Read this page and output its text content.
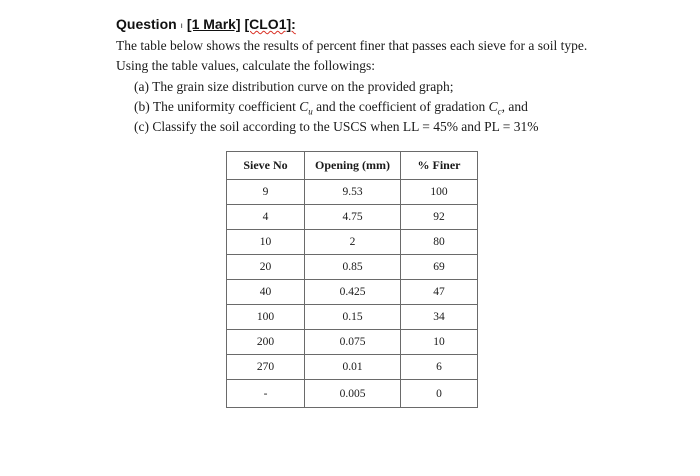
Question ı [1 Mark] [CLO1]:
The table below shows the results of percent finer that passes each sieve for a soil type.
Using the table values, calculate the followings:
(a) The grain size distribution curve on the provided graph;
(b) The uniformity coefficient $C_u$ and the coefficient of gradation $C_c$, and
(c) Classify the soil according to the USCS when LL = 45% and PL = 31%
Sieve No	Opening (mm)	% Finer
9	9.53	100
4	4.75	92
10	2	80
20	0.85	69
40	0.425	47
100	0.15	34
200	0.075	10
270	0.01	6
-	0.005	0
